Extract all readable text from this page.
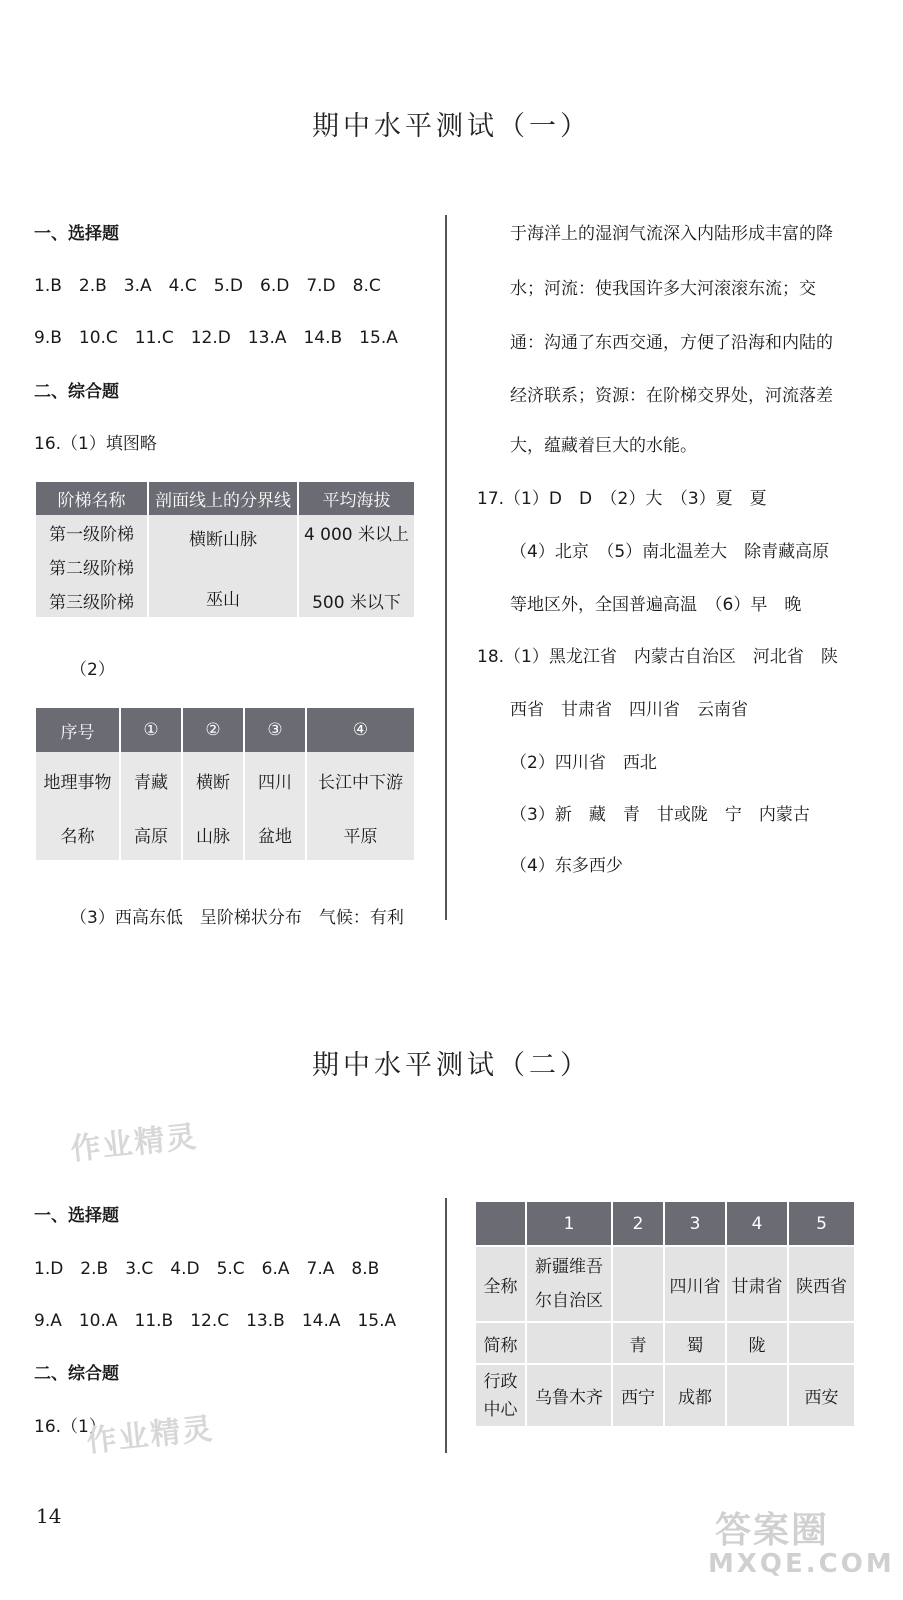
期中水平测试（一）
一、选择题
1.B　2.B　3.A　4.C　5.D　6.D　7.D　8.C
9.B　10.C　11.C　12.D　13.A　14.B　15.A
二、综合题
16.（1）填图略
阶梯名称	剖面线上的分界线	平均海拔
第一级阶梯	横断山脉	4 000 米以上
第二级阶梯		
第三级阶梯	巫山	500 米以下
（2）
序号	①	②	③	④
地理事物	青藏	横断	四川	长江中下游
名称	高原	山脉	盆地	平原
（3）西高东低　呈阶梯状分布　气候：有利
于海洋上的湿润气流深入内陆形成丰富的降
水；河流：使我国许多大河滚滚东流；交
通：沟通了东西交通，方便了沿海和内陆的
经济联系；资源：在阶梯交界处，河流落差
大，蕴藏着巨大的水能。
17.（1）D　D　（2）大　（3）夏　夏
（4）北京　（5）南北温差大　除青藏高原
等地区外，全国普遍高温　（6）早　晚
18.（1）黑龙江省　内蒙古自治区　河北省　陕
西省　甘肃省　四川省　云南省
（2）四川省　西北
（3）新　藏　青　甘或陇　宁　内蒙古
（4）东多西少
期中水平测试（二）
作业精灵
一、选择题
1.D　2.B　3.C　4.D　5.C　6.A　7.A　8.B
9.A　10.A　11.B　12.C　13.B　14.A　15.A
二、综合题
16.（1）
作业精灵
	1	2	3	4	5
全称	新疆维吾尔自治区		四川省	甘肃省	陕西省
简称		青	蜀	陇	
行政中心	乌鲁木齐	西宁	成都		西安
14	答案圈
MXQE.COM
